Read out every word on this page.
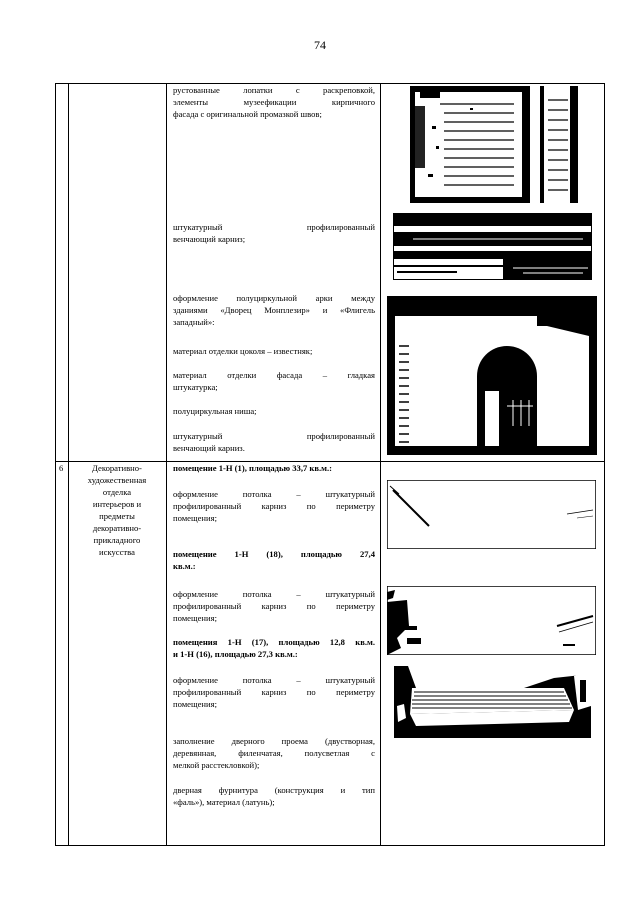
74
рустованные лопатки с раскреповкой,
элементы музеефикации кирпичного
фасада с оригинальной промазкой швов;
штукатурный профилированный
венчающий карниз;
оформление полуциркульной арки между
зданиями «Дворец Монплезир» и «Флигель
западный»:
материал отделки цоколя – известняк;
материал отделки фасада – гладкая
штукатурка;
полуциркульная ниша;
штукатурный профилированный
венчающий карниз.
6	Декоративно-
художественная
отделка
интерьеров и
предметы
декоративно-
прикладного
искусства
помещение 1-Н (1), площадью 33,7 кв.м.:
оформление потолка – штукатурный
профилированный карниз по периметру
помещения;
помещение 1-Н (18), площадью 27,4
кв.м.:
оформление потолка – штукатурный
профилированный карниз по периметру
помещения;
помещения 1-Н (17), площадью 12,8 кв.м.
и 1-Н (16), площадью 27,3 кв.м.:
оформление потолка – штукатурный
профилированный карниз по периметру
помещения;
заполнение дверного проема (двустворная,
деревянная, филенчатая, полусветлая с
мелкой расстекловкой);
дверная фурнитура (конструкция и тип
«фаль»), материал (латунь);
